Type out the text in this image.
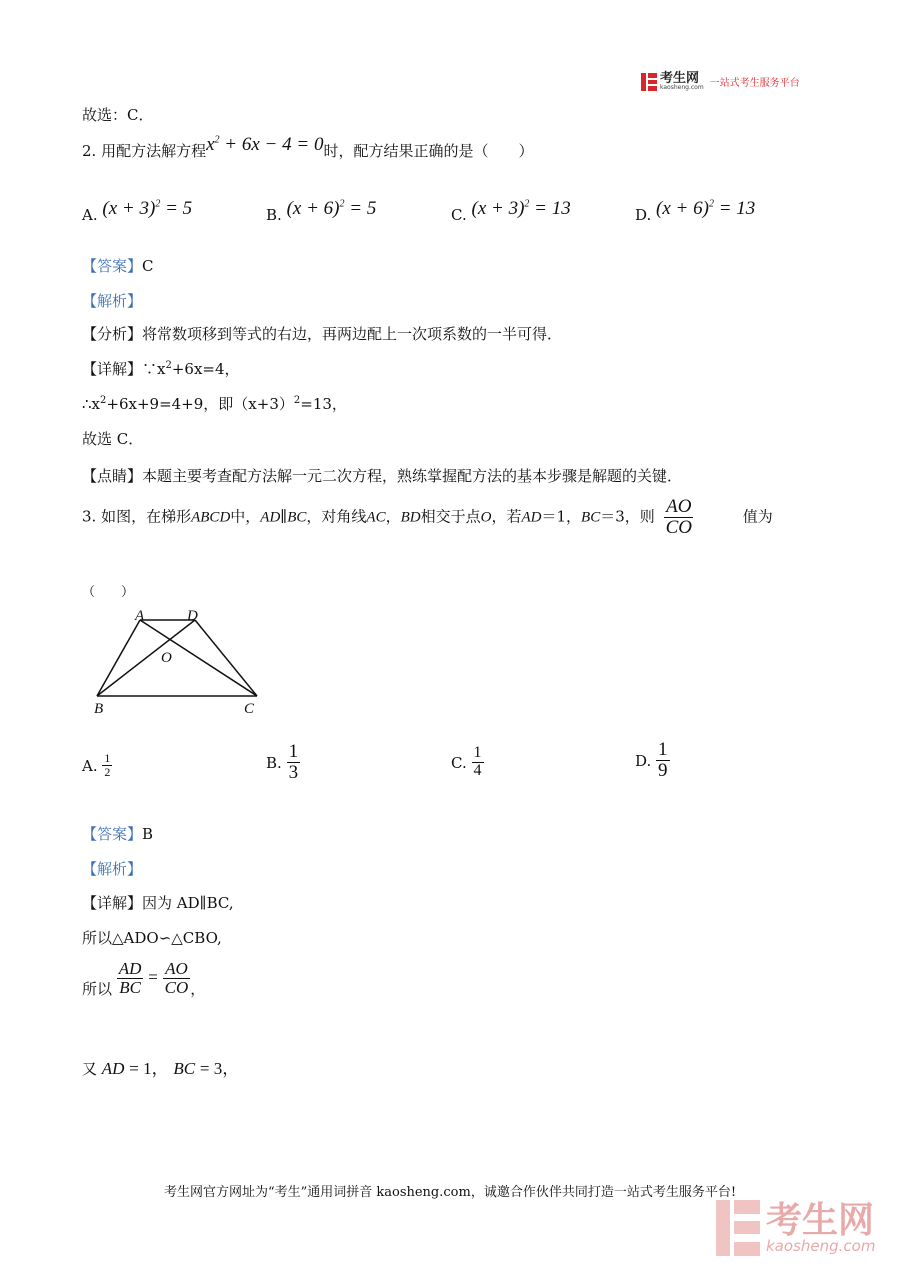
考生网
kaosheng.com 一站式考生服务平台
故选：C．
2. 用配方法解方程$x^2 + 6x - 4 = 0$时，配方结果正确的是（　　）
A. $(x + 3)^2 = 5$	B. $(x + 6)^2 = 5$	C. $(x + 3)^2 = 13$	D. $(x + 6)^2 = 13$
【答案】C
【解析】
【分析】将常数项移到等式的右边，再两边配上一次项系数的一半可得．
【详解】$\because x^2+6x=4$，
$\therefore x^2+6x+9=4+9$，即$(x+3)^2=13$，
故选 C．
【点睛】本题主要考查配方法解一元二次方程，熟练掌握配方法的基本步骤是解题的关键．
3. 如图，在梯形ABCD中，AD∥BC，对角线AC，BD相交于点O，若AD＝1，BC＝3，则 $\frac{AO}{CO}$	值为
（　　）
A	D
O
B	C
A. $\frac{1}{2}$	B. $\frac{1}{3}$	C. $\frac{1}{4}$	D. $\frac{1}{9}$
【答案】B
【解析】
【详解】因为 AD∥BC,
所以△ADO∽△CBO,
所以 $\frac{AD}{BC} = \frac{AO}{CO}$ ，
又 AD = 1， BC = 3，
考生网官方网址为“考生”通用词拼音 kaosheng.com，诚邀合作伙伴共同打造一站式考生服务平台!
考生网
kaosheng.com
